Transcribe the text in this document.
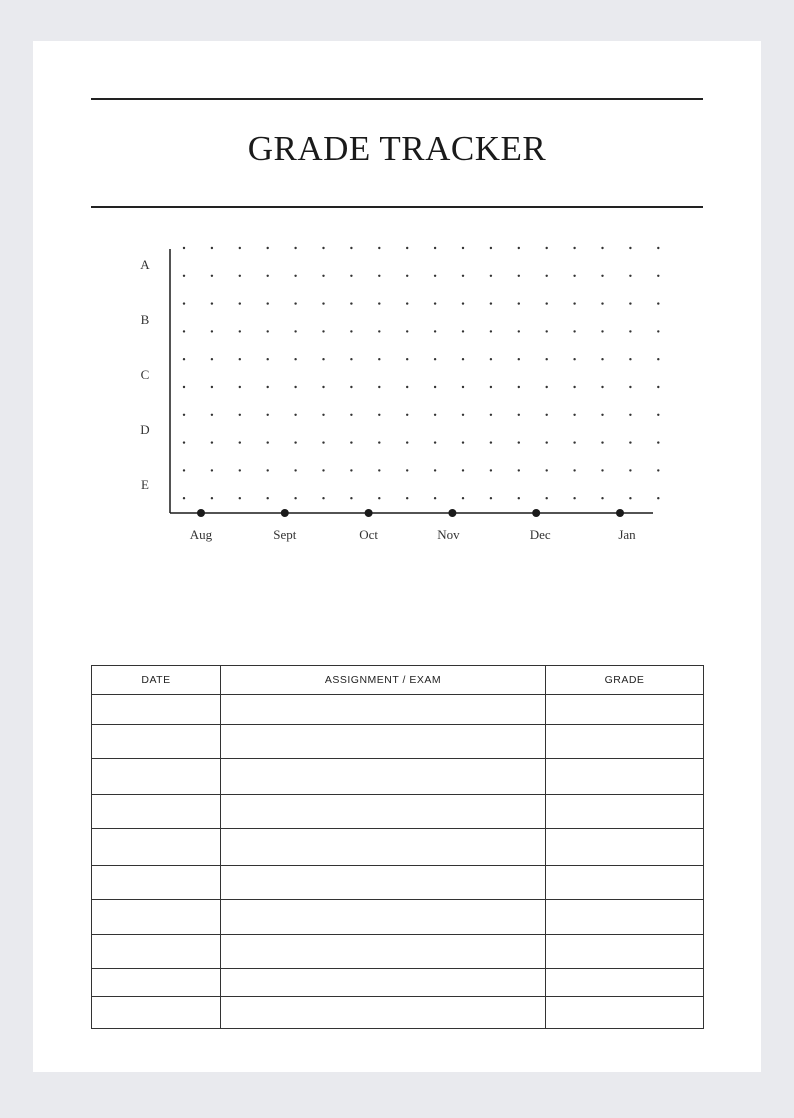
GRADE TRACKER
A
B
C
D
E
Aug	Sept	Oct	Nov	Dec	Jan
DATE	ASSIGNMENT / EXAM	GRADE
